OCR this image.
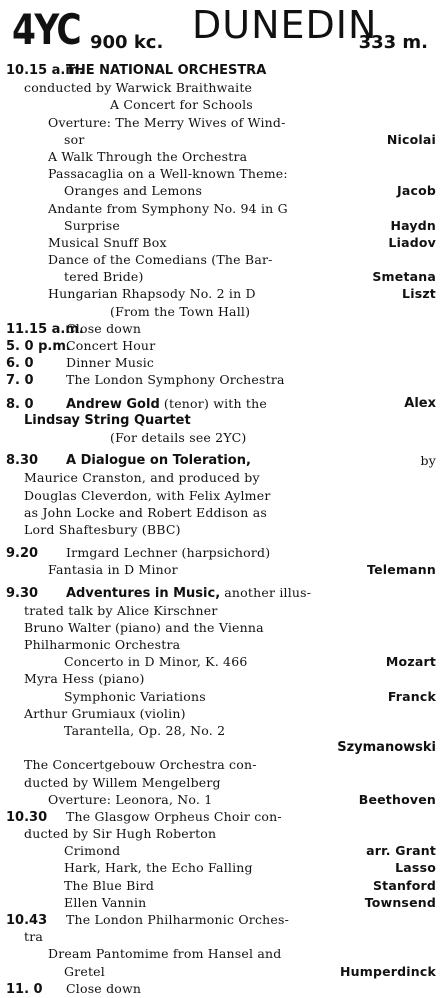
4YC 900 kc. DUNEDIN
333 m.
10.15 a.m.THE NATIONAL ORCHESTRA
conducted by Warwick Braithwaite
A Concert for Schools
Overture: The Merry Wives of Wind-
sor	Nicolai
A Walk Through the Orchestra
Passacaglia on a Well-known Theme:
Oranges and Lemons	Jacob
Andante from Symphony No. 94 in G
Surprise	Haydn
Musical Snuff Box	Liadov
Dance of the Comedians (The Bar-
tered Bride)	Smetana
Hungarian Rhapsody No. 2 in D	Liszt
(From the Town Hall)
11.15 a.m.Close down
5. 0 p.m.Concert Hour
6. 0	Dinner Music
7. 0	The London Symphony Orchestra
8. 0 Andrew Gold (tenor) with the	Alex
Lindsay String Quartet
(For details see 2YC)
8.30 A Dialogue on Toleration,	by
Maurice Cranston, and produced by
Douglas Cleverdon, with Felix Aylmer
as John Locke and Robert Eddison as
Lord Shaftesbury (BBC)
9.20 Irmgard Lechner (harpsichord)
Fantasia in D Minor	Telemann
9.30 Adventures in Music, another illus-
trated talk by Alice Kirschner
Bruno Walter (piano) and the Vienna
Philharmonic Orchestra
Concerto in D Minor, K. 466	Mozart
Myra Hess (piano)
Symphonic Variations	Franck
Arthur Grumiaux (violin)
Tarantella, Op. 28, No. 2
Szymanowski
The Concertgebouw Orchestra con-
ducted by Willem Mengelberg
Overture: Leonora, No. 1	Beethoven
10.30 The Glasgow Orpheus Choir con-
ducted by Sir Hugh Roberton
Crimond	arr. Grant
Hark, Hark, the Echo Falling	Lasso
The Blue Bird	Stanford
Ellen Vannin	Townsend
10.43 The London Philharmonic Orches-
tra
Dream Pantomime from Hansel and
Gretel	Humperdinck
11. 0 Close down
